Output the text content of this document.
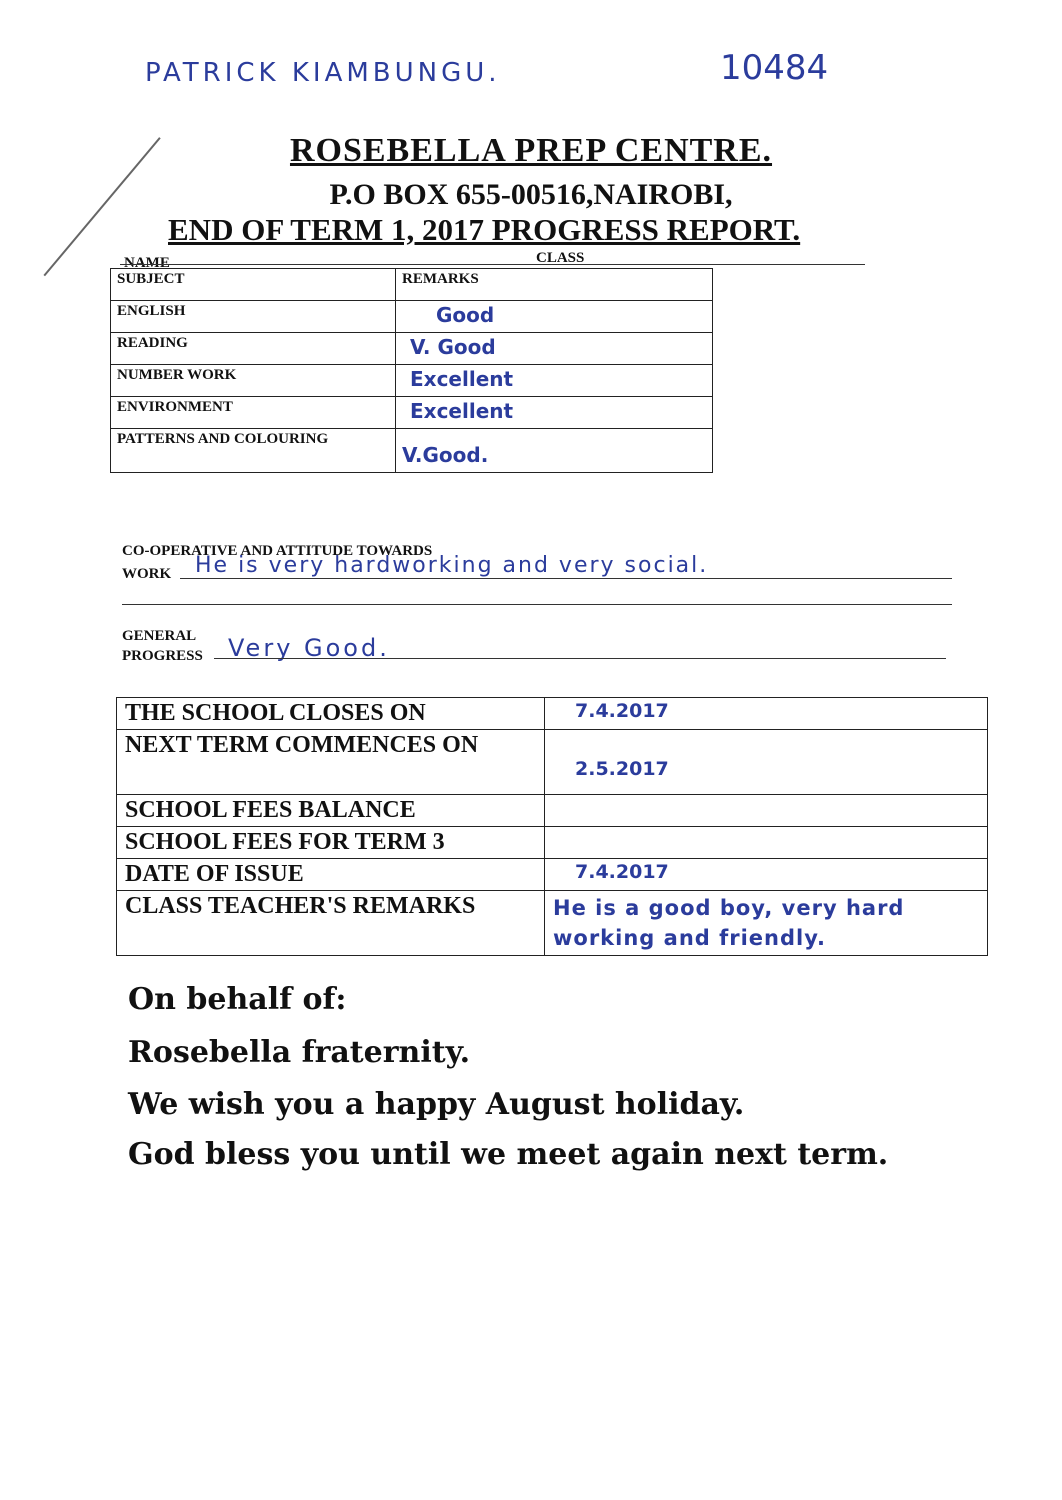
PATRICK KIAMBUNGU.	10484
ROSEBELLA PREP CENTRE.
P.O BOX 655-00516,NAIROBI,
END OF TERM 1, 2017 PROGRESS REPORT.
NAME	CLASS
SUBJECT	REMARKS
ENGLISH	Good
READING	V. Good
NUMBER WORK	Excellent
ENVIRONMENT	Excellent
PATTERNS AND COLOURING	V.Good.
CO-OPERATIVE AND ATTITUDE TOWARDS
WORK He is very hardworking and very social.
GENERAL
PROGRESS Very Good.
THE SCHOOL CLOSES ON	7.4.2017
NEXT TERM COMMENCES ON	2.5.2017
SCHOOL FEES BALANCE	
SCHOOL FEES FOR TERM 3	
DATE OF ISSUE	7.4.2017
CLASS TEACHER'S REMARKS	He is a good boy, very hard working and friendly.
On behalf of:
Rosebella fraternity.
We wish you a happy August holiday.
God bless you until we meet again next term.
